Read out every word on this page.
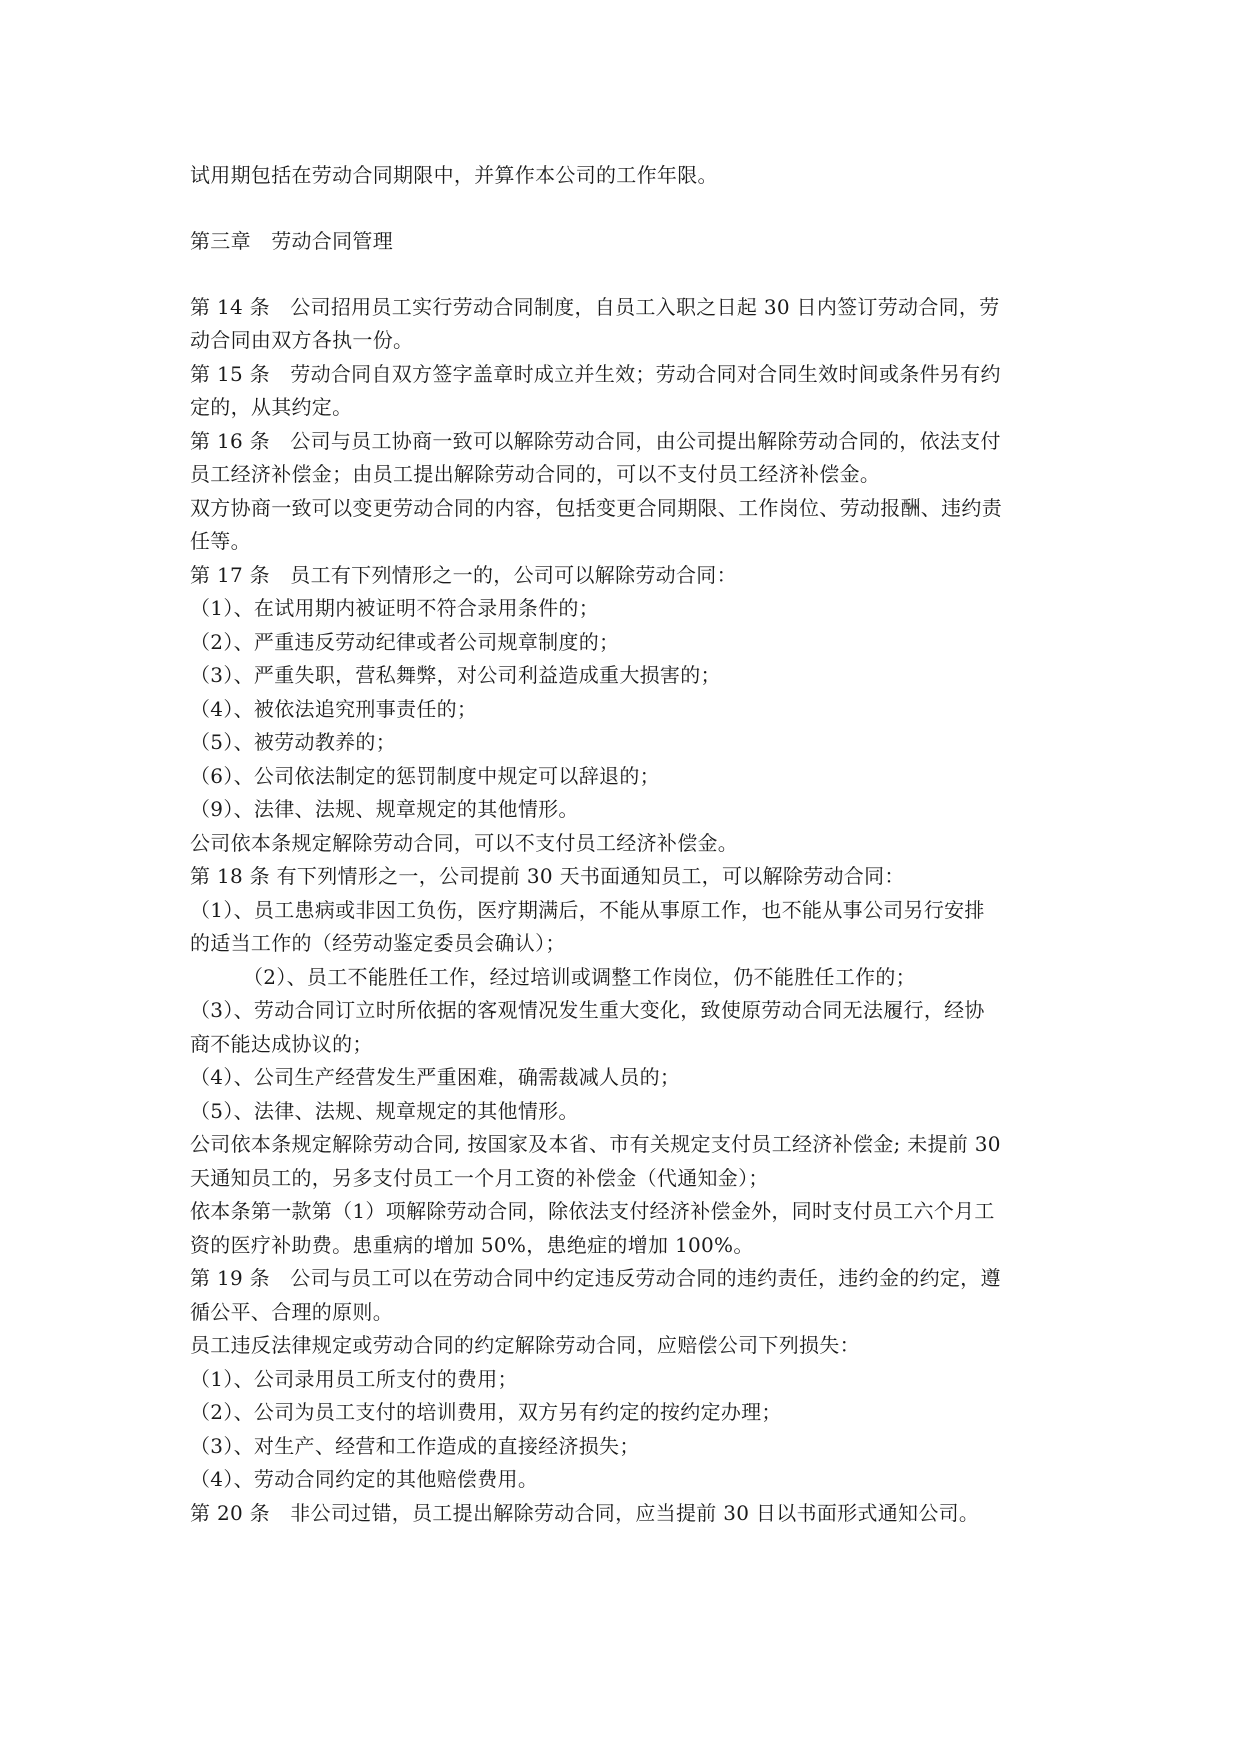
试用期包括在劳动合同期限中，并算作本公司的工作年限。
第三章　劳动合同管理
第 14 条　公司招用员工实行劳动合同制度，自员工入职之日起 30 日内签订劳动合同，劳
动合同由双方各执一份。
第 15 条　劳动合同自双方签字盖章时成立并生效；劳动合同对合同生效时间或条件另有约
定的，从其约定。
第 16 条　公司与员工协商一致可以解除劳动合同，由公司提出解除劳动合同的，依法支付
员工经济补偿金；由员工提出解除劳动合同的，可以不支付员工经济补偿金。
双方协商一致可以变更劳动合同的内容，包括变更合同期限、工作岗位、劳动报酬、违约责
任等。
第 17 条　员工有下列情形之一的，公司可以解除劳动合同：
（1）、在试用期内被证明不符合录用条件的；
（2）、严重违反劳动纪律或者公司规章制度的；
（3）、严重失职，营私舞弊，对公司利益造成重大损害的；
（4）、被依法追究刑事责任的；
（5）、被劳动教养的；
（6）、公司依法制定的惩罚制度中规定可以辞退的；
（9）、法律、法规、规章规定的其他情形。
公司依本条规定解除劳动合同，可以不支付员工经济补偿金。
第 18 条 有下列情形之一，公司提前 30 天书面通知员工，可以解除劳动合同：
（1）、员工患病或非因工负伤，医疗期满后，不能从事原工作，也不能从事公司另行安排
的适当工作的（经劳动鉴定委员会确认）；
（2）、员工不能胜任工作，经过培训或调整工作岗位，仍不能胜任工作的；
（3）、劳动合同订立时所依据的客观情况发生重大变化，致使原劳动合同无法履行，经协
商不能达成协议的；
（4）、公司生产经营发生严重困难，确需裁减人员的；
（5）、法律、法规、规章规定的其他情形。
公司依本条规定解除劳动合同, 按国家及本省、市有关规定支付员工经济补偿金; 未提前 30
天通知员工的，另多支付员工一个月工资的补偿金（代通知金）；
依本条第一款第（1）项解除劳动合同，除依法支付经济补偿金外，同时支付员工六个月工
资的医疗补助费。患重病的增加 50%，患绝症的增加 100%。
第 19 条　公司与员工可以在劳动合同中约定违反劳动合同的违约责任，违约金的约定，遵
循公平、合理的原则。
员工违反法律规定或劳动合同的约定解除劳动合同，应赔偿公司下列损失：
（1）、公司录用员工所支付的费用；
（2）、公司为员工支付的培训费用，双方另有约定的按约定办理；
（3）、对生产、经营和工作造成的直接经济损失；
（4）、劳动合同约定的其他赔偿费用。
第 20 条　非公司过错，员工提出解除劳动合同，应当提前 30 日以书面形式通知公司。
